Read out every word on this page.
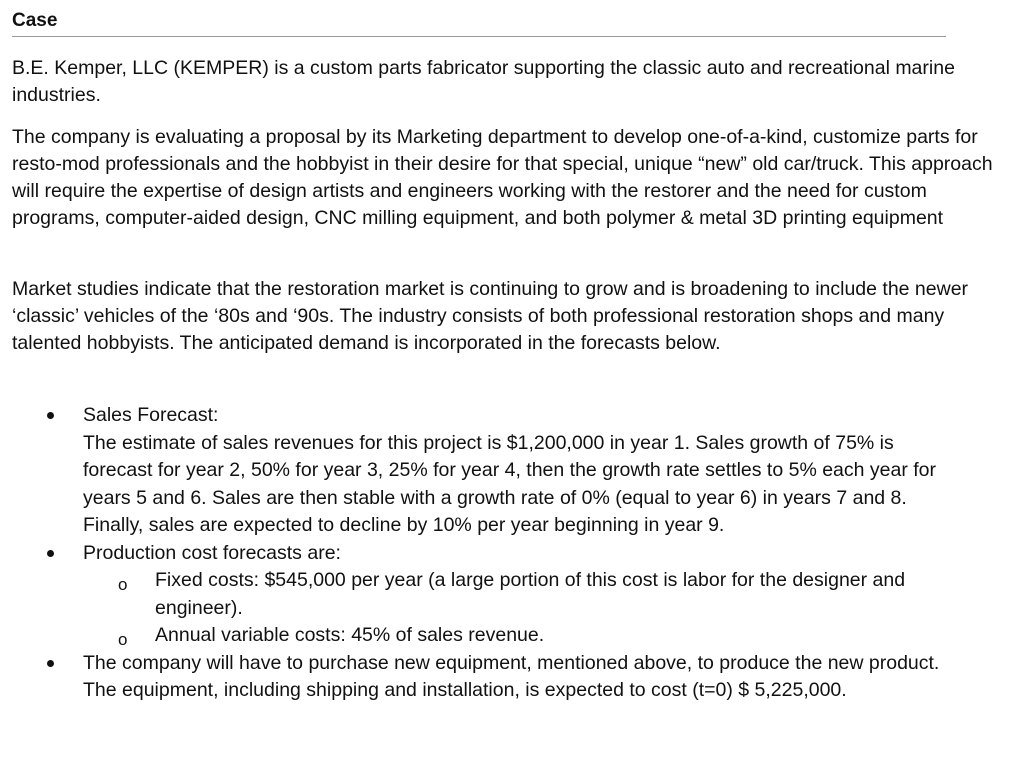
Case

B.E. Kemper, LLC (KEMPER) is a custom parts fabricator supporting the classic auto and recreational marine industries.

The company is evaluating a proposal by its Marketing department to develop one-of-a-kind, customize parts for resto-mod professionals and the hobbyist in their desire for that special, unique “new” old car/truck. This approach will require the expertise of design artists and engineers working with the restorer and the need for custom programs, computer-aided design, CNC milling equipment, and both polymer & metal 3D printing equipment

Market studies indicate that the restoration market is continuing to grow and is broadening to include the newer ‘classic’ vehicles of the ‘80s and ‘90s. The industry consists of both professional restoration shops and many talented hobbyists. The anticipated demand is incorporated in the forecasts below.

Sales Forecast:
The estimate of sales revenues for this project is $1,200,000 in year 1. Sales growth of 75% is forecast for year 2, 50% for year 3, 25% for year 4, then the growth rate settles to 5% each year for years 5 and 6. Sales are then stable with a growth rate of 0% (equal to year 6) in years 7 and 8. Finally, sales are expected to decline by 10% per year beginning in year 9.
Production cost forecasts are:
o Fixed costs: $545,000 per year (a large portion of this cost is labor for the designer and engineer).
o Annual variable costs: 45% of sales revenue.
The company will have to purchase new equipment, mentioned above, to produce the new product. The equipment, including shipping and installation, is expected to cost (t=0) $ 5,225,000.
